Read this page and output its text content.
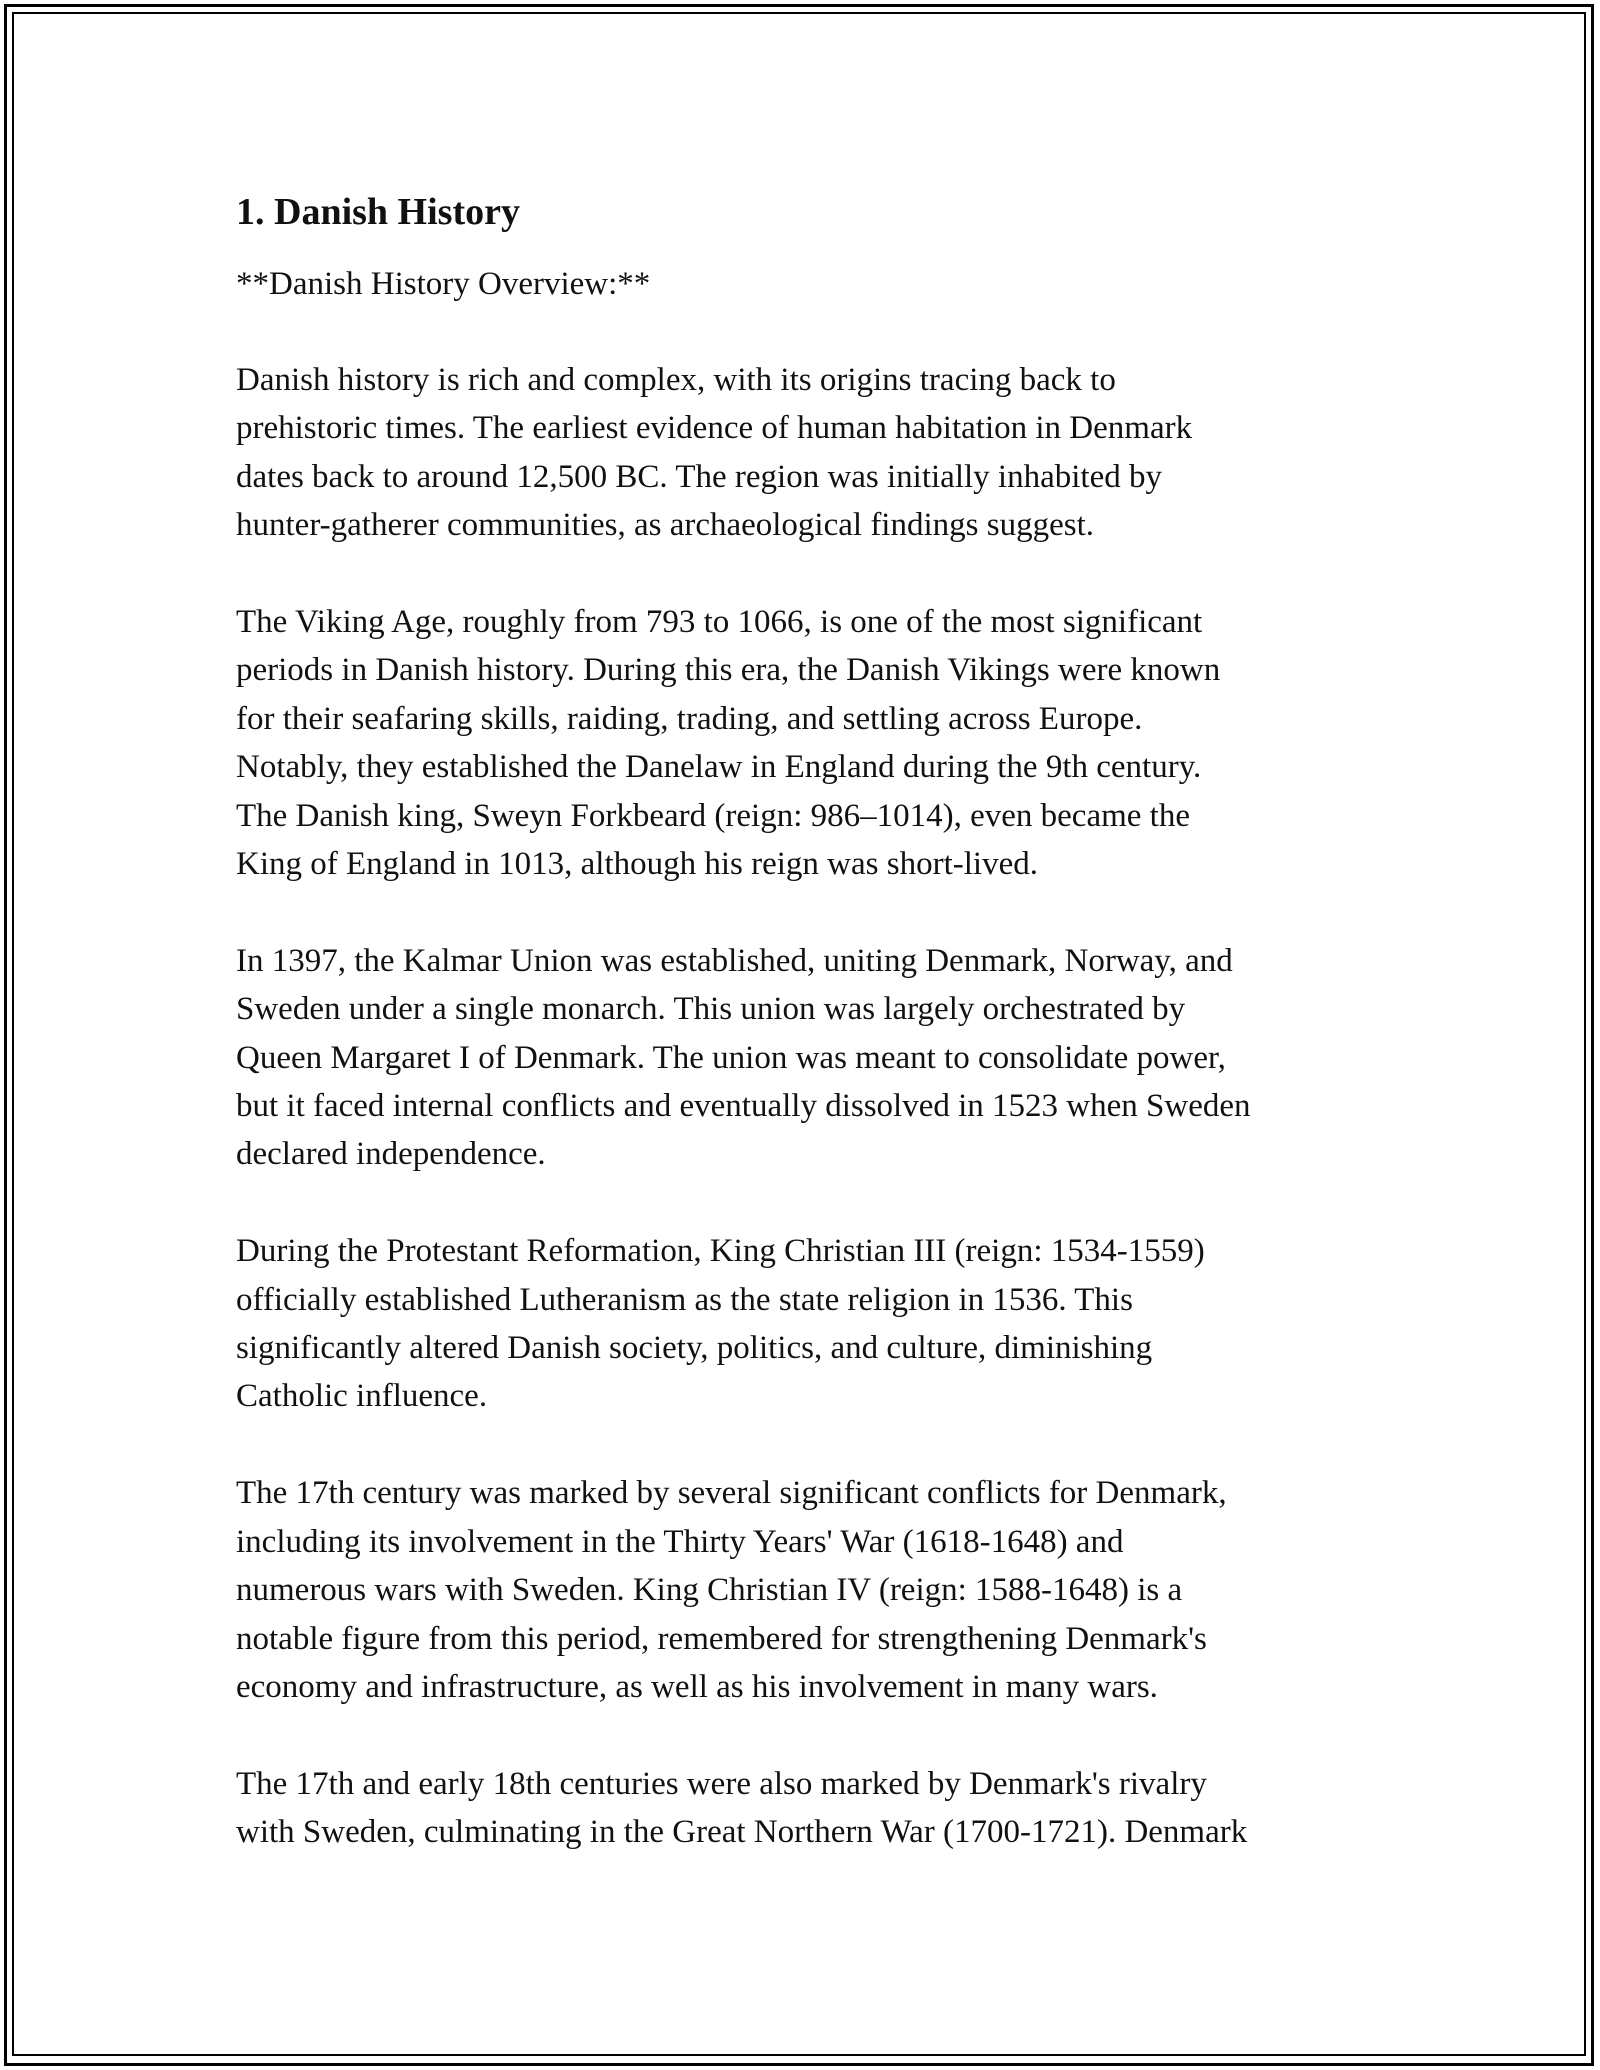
1. Danish History
**Danish History Overview:**
Danish history is rich and complex, with its origins tracing back to
prehistoric times. The earliest evidence of human habitation in Denmark
dates back to around 12,500 BC. The region was initially inhabited by
hunter-gatherer communities, as archaeological findings suggest.
The Viking Age, roughly from 793 to 1066, is one of the most significant
periods in Danish history. During this era, the Danish Vikings were known
for their seafaring skills, raiding, trading, and settling across Europe.
Notably, they established the Danelaw in England during the 9th century.
The Danish king, Sweyn Forkbeard (reign: 986–1014), even became the
King of England in 1013, although his reign was short-lived.
In 1397, the Kalmar Union was established, uniting Denmark, Norway, and
Sweden under a single monarch. This union was largely orchestrated by
Queen Margaret I of Denmark. The union was meant to consolidate power,
but it faced internal conflicts and eventually dissolved in 1523 when Sweden
declared independence.
During the Protestant Reformation, King Christian III (reign: 1534-1559)
officially established Lutheranism as the state religion in 1536. This
significantly altered Danish society, politics, and culture, diminishing
Catholic influence.
The 17th century was marked by several significant conflicts for Denmark,
including its involvement in the Thirty Years' War (1618-1648) and
numerous wars with Sweden. King Christian IV (reign: 1588-1648) is a
notable figure from this period, remembered for strengthening Denmark's
economy and infrastructure, as well as his involvement in many wars.
The 17th and early 18th centuries were also marked by Denmark's rivalry
with Sweden, culminating in the Great Northern War (1700-1721). Denmark
